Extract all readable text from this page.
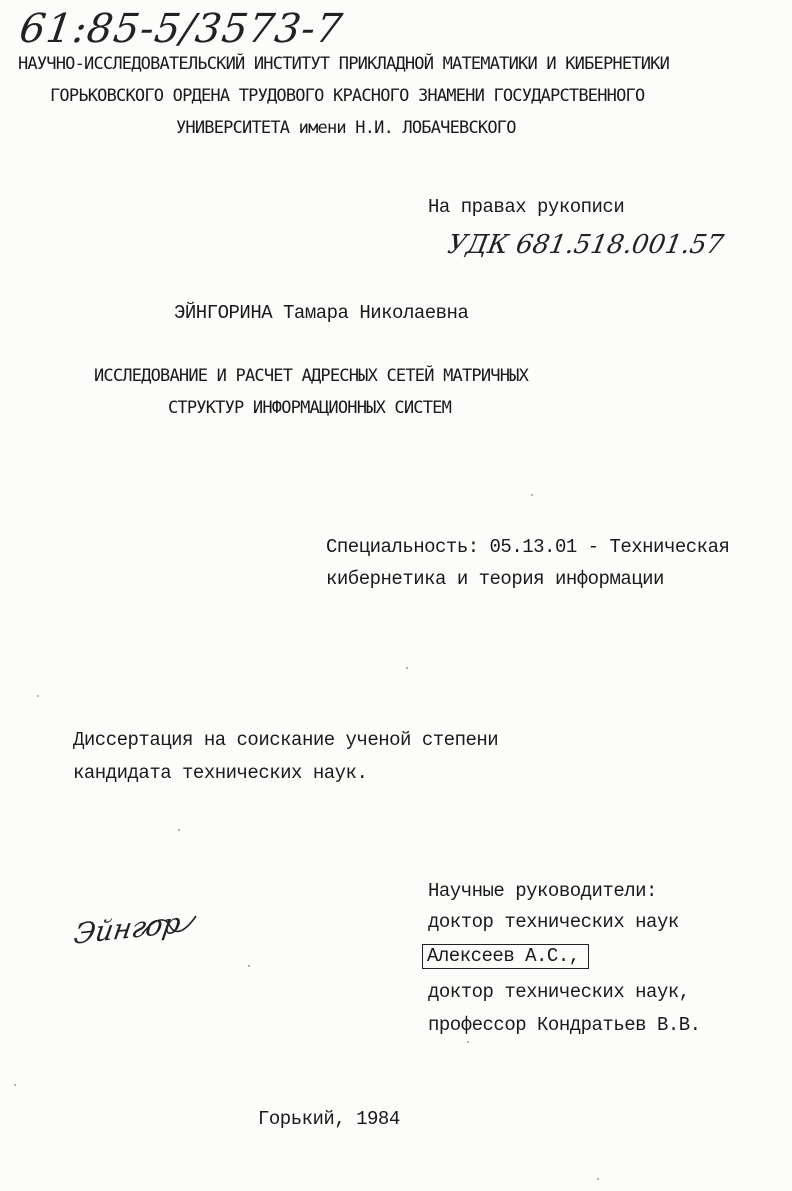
61:85-5/3573-7
НАУЧНО-ИССЛЕДОВАТЕЛЬСКИЙ ИНСТИТУТ ПРИКЛАДНОЙ МАТЕМАТИКИ И КИБЕРНЕТИКИ
ГОРЬКОВСКОГО ОРДЕНА ТРУДОВОГО КРАСНОГО ЗНАМЕНИ ГОСУДАРСТВЕННОГО
УНИВЕРСИТЕТА имени Н.И. ЛОБАЧЕВСКОГО
На правах рукописи
УДК 681.518.001.57
ЭЙНГОРИНА Тамара Николаевна
ИССЛЕДОВАНИЕ И РАСЧЕТ АДРЕСНЫХ СЕТЕЙ МАТРИЧНЫХ
СТРУКТУР ИНФОРМАЦИОННЫХ СИСТЕМ
Специальность: 05.13.01 - Техническая
кибернетика и теория информации
Диссертация на соискание ученой степени
кандидата технических наук.
Научные руководители:
доктор технических наук
Алексеев А.С.,
доктор технических наук,
профессор Кондратьев В.В.
Эйнгор
Горький, 1984
